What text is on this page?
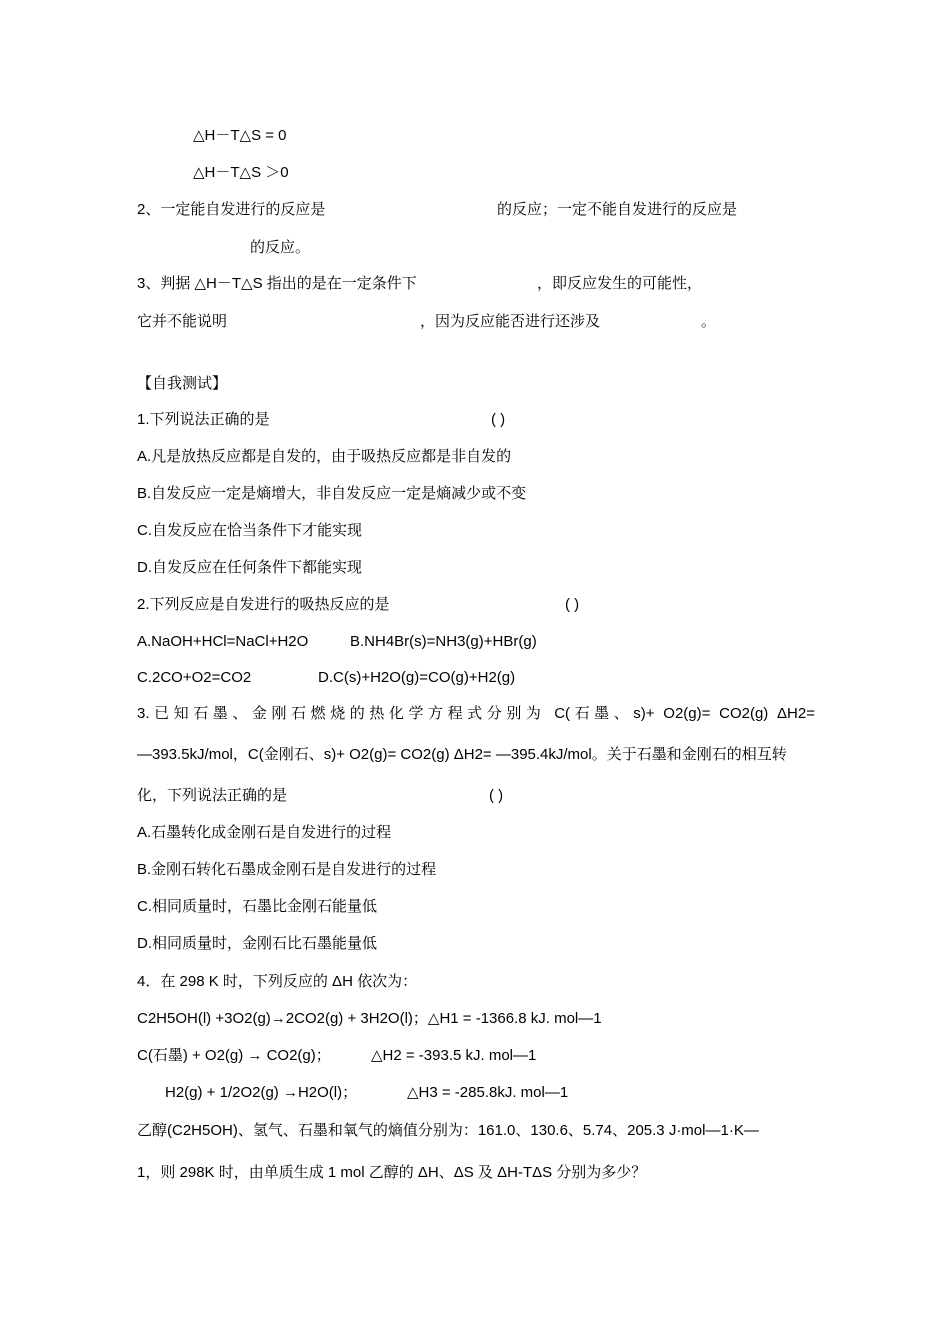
△H－T△S = 0
△H－T△S ＞0
2、一定能自发进行的反应是	的反应；一定不能自发进行的反应是
的反应。
3、判据 △H－T△S 指出的是在一定条件下	，即反应发生的可能性，
它并不能说明	，因为反应能否进行还涉及	。
【自我测试】
1.下列说法正确的是	( )
A.凡是放热反应都是自发的，由于吸热反应都是非自发的
B.自发反应一定是熵增大，非自发反应一定是熵减少或不变
C.自发反应在恰当条件下才能实现
D.自发反应在任何条件下都能实现
2.下列反应是自发进行的吸热反应的是	( )
A.NaOH+HCl=NaCl+H2O	B.NH4Br(s)=NH3(g)+HBr(g)
C.2CO+O2=CO2	D.C(s)+H2O(g)=CO(g)+H2(g)
3.已知石墨、金刚石燃烧的热化学方程式分别为 C(石墨、s)+ O2(g)= CO2(g) ΔH2=
—393.5kJ/mol，C(金刚石、s)+ O2(g)= CO2(g) ΔH2= —395.4kJ/mol。关于石墨和金刚石的相互转
化，下列说法正确的是	( )
A.石墨转化成金刚石是自发进行的过程
B.金刚石转化石墨成金刚石是自发进行的过程
C.相同质量时，石墨比金刚石能量低
D.相同质量时，金刚石比石墨能量低
4．在 298 K 时，下列反应的 ΔH 依次为：
C2H5OH(l) +3O2(g)→2CO2(g) + 3H2O(l)；△H1 = -1366.8 kJ. mol—1
C(石墨) + O2(g) → CO2(g)；	△H2 = -393.5 kJ. mol—1
H2(g) + 1/2O2(g) →H2O(l)；	△H3 = -285.8kJ. mol—1
乙醇(C2H5OH)、氢气、石墨和氧气的熵值分别为：161.0、130.6、5.74、205.3 J·mol—1·K—
1，则 298K 时，由单质生成 1 mol 乙醇的 ΔH、ΔS 及 ΔH-TΔS 分别为多少？
